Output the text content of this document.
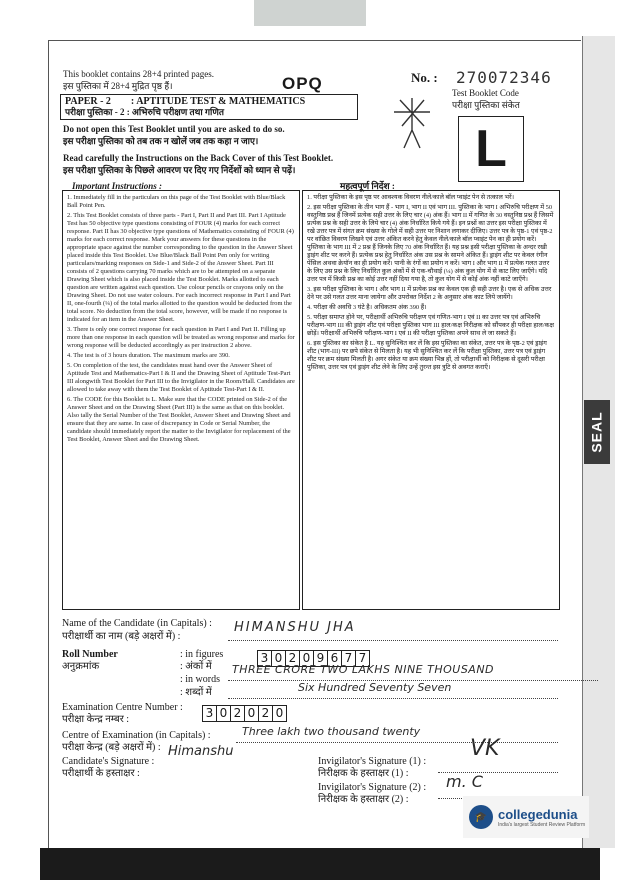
SEAL
This booklet contains 28+4 printed pages.
इस पुस्तिका में 28+4 मुद्रित पृष्ठ हैं।	OPQ	No. : 270072346
Test Booklet Code
परीक्षा पुस्तिका संकेत
L
PAPER - 2        : APTITUDE TEST & MATHEMATICS
परीक्षा पुस्तिका - 2 : अभिरुचि परीक्षण तथा गणित
Do not open this Test Booklet until you are asked to do so.
इस परीक्षा पुस्तिका को तब तक न खोलें जब तक कहा न जाए।
Read carefully the Instructions on the Back Cover of this Test Booklet.
इस परीक्षा पुस्तिका के पिछले आवरण पर दिए गए निर्देशों को ध्यान से पढ़ें।
Important Instructions :	महत्वपूर्ण निर्देश :

1. Immediately fill in the particulars on this page of the Test Booklet with Blue/Black Ball Point Pen.

2. This Test Booklet consists of three parts - Part I, Part II and Part III. Part I Aptitude Test has 50 objective type questions consisting of FOUR (4) marks for each correct response. Part II has 30 objective type questions of Mathematics consisting of FOUR (4) marks for each correct response. Mark your answers for these questions in the appropriate space against the number corresponding to the question in the Answer Sheet placed inside this Test Booklet. Use Blue/Black Ball Point Pen only for writing particulars/marking responses on Side-1 and Side-2 of the Answer Sheet. Part III consists of 2 questions carrying 70 marks which are to be attempted on a separate Drawing Sheet which is also placed inside the Test Booklet. Marks allotted to each question are written against each question. Use colour pencils or crayons only on the Drawing Sheet. Do not use water colours. For each incorrect response in Part I and Part II, one-fourth (¼) of the total marks allotted to the question would be deducted from the total score. No deduction from the total score, however, will be made if no response is indicated for an item in the Answer Sheet.

3. There is only one correct response for each question in Part I and Part II. Filling up more than one response in each question will be treated as wrong response and marks for wrong response will be deducted accordingly as per instruction 2 above.

4. The test is of 3 hours duration. The maximum marks are 390.

5. On completion of the test, the candidates must hand over the Answer Sheet of Aptitude Test and Mathematics-Part I & II and the Drawing Sheet of Aptitude Test-Part III alongwith Test Booklet for Part III to the Invigilator in the Room/Hall. Candidates are allowed to take away with them the Test Booklet of Aptitude Test-Part I & II.

6. The CODE for this Booklet is L. Make sure that the CODE printed on Side-2 of the Answer Sheet and on the Drawing Sheet (Part III) is the same as that on this booklet. Also tally the Serial Number of the Test Booklet, Answer Sheet and Drawing Sheet and ensure that they are same. In case of discrepancy in Code or Serial Number, the candidate should immediately report the matter to the Invigilator for replacement of the Test Booklet, Answer Sheet and the Drawing Sheet.

1. परीक्षा पुस्तिका के इस पृष्ठ पर आवश्यक विवरण नीले/काले बॉल प्वाइंट पेन से तत्काल भरें।

2. इस परीक्षा पुस्तिका के तीन भाग हैं - भाग I, भाग II एवं भाग III. पुस्तिका के भाग I अभिरुचि परीक्षण में 50 वस्तुनिष्ठ प्रश्न हैं जिनमें प्रत्येक सही उत्तर के लिए चार (4) अंक हैं। भाग II में गणित के 30 वस्तुनिष्ठ प्रश्न हैं जिसमें प्रत्येक प्रश्न के सही उत्तर के लिये चार (4) अंक निर्धारित किये गये हैं। इन प्रश्नों का उत्तर इस परीक्षा पुस्तिका में रखे उत्तर पत्र में संगत क्रम संख्या के गोले में सही उत्तर पर निशान लगाकर दीजिए। उत्तर पत्र के पृष्ठ-1 एवं पृष्ठ-2 पर वांछित विवरण लिखने एवं उत्तर अंकित करने हेतु केवल नीले/काले बॉल प्वाइंट पेन का ही प्रयोग करें। पुस्तिका के भाग III में 2 प्रश्न हैं जिनके लिए 70 अंक निर्धारित हैं। यह प्रश्न इसी परीक्षा पुस्तिका के अन्दर रखी ड्राइंग शीट पर करने हैं। प्रत्येक प्रश्न हेतु निर्धारित अंक उस प्रश्न के सामने अंकित हैं। ड्राइंग शीट पर केवल रंगीन पेंसिल अथवा क्रेयॉन का ही प्रयोग करें। पानी के रंगों का प्रयोग न करें। भाग I और भाग II में प्रत्येक गलत उत्तर के लिए उस प्रश्न के लिए निर्धारित कुल अंकों में से एक-चौथाई (¼) अंक कुल योग में से काट लिए जाएँगे। यदि उत्तर पत्र में किसी प्रश्न का कोई उत्तर नहीं दिया गया है, तो कुल योग में से कोई अंक नहीं काटे जाएँगे।

3. इस परीक्षा पुस्तिका के भाग I और भाग II में प्रत्येक प्रश्न का केवल एक ही सही उत्तर है। एक से अधिक उत्तर देने पर उसे गलत उत्तर माना जायेगा और उपरोक्त निर्देश 2 के अनुसार अंक काट लिये जायेंगे।

4. परीक्षा की अवधि 3 घंटे है। अधिकतम अंक 390 हैं।

5. परीक्षा समाप्त होने पर, परीक्षार्थी अभिरुचि परीक्षण एवं गणित-भाग I एवं II का उत्तर पत्र एवं अभिरुचि परीक्षण-भाग III की ड्राइंग शीट एवं परीक्षा पुस्तिका भाग III हाल/कक्ष निरीक्षक को सौंपकर ही परीक्षा हाल/कक्ष छोड़ें। परीक्षार्थी अभिरुचि परीक्षण-भाग I एवं II की परीक्षा पुस्तिका अपने साथ ले जा सकते हैं।

6. इस पुस्तिका का संकेत है L. यह सुनिश्चित कर लें कि इस पुस्तिका का संकेत, उत्तर पत्र के पृष्ठ-2 एवं ड्राइंग शीट (भाग-III) पर छपे संकेत से मिलता है। यह भी सुनिश्चित कर लें कि परीक्षा पुस्तिका, उत्तर पत्र एवं ड्राइंग शीट पर क्रम संख्या मिलती है। अगर संकेत या क्रम संख्या भिन्न हों, तो परीक्षार्थी को निरीक्षक से दूसरी परीक्षा पुस्तिका, उत्तर पत्र एवं ड्राइंग शीट लेने के लिए उन्हें तुरन्त इस त्रुटि से अवगत कराएँ।

Name of the Candidate (in Capitals) :
परीक्षार्थी का नाम (बड़े अक्षरों में) :
HIMANSHU JHA
Roll Number
अनुक्रमांक
: in figures
: अंकों में
3 0 2 0 9 6 7 7
: in words
: शब्दों में
THREE CRORE TWO LAKHS NINE THOUSAND
Six Hundred Seventy Seven
Examination Centre Number :
परीक्षा केन्द्र नम्बर :	3 0 2 0 2 0
Centre of Examination (in Capitals) :
परीक्षा केन्द्र (बड़े अक्षरों में) :
Three lakh two thousand twenty
Candidate's Signature :
परीक्षार्थी के हस्ताक्षर :
Himanshu
Invigilator's Signature (1) :
निरीक्षक के हस्ताक्षर (1) :
VK
Invigilator's Signature (2) :
निरीक्षक के हस्ताक्षर (2) :
m. C
🎓 collegedunia
India's largest Student Review Platform
